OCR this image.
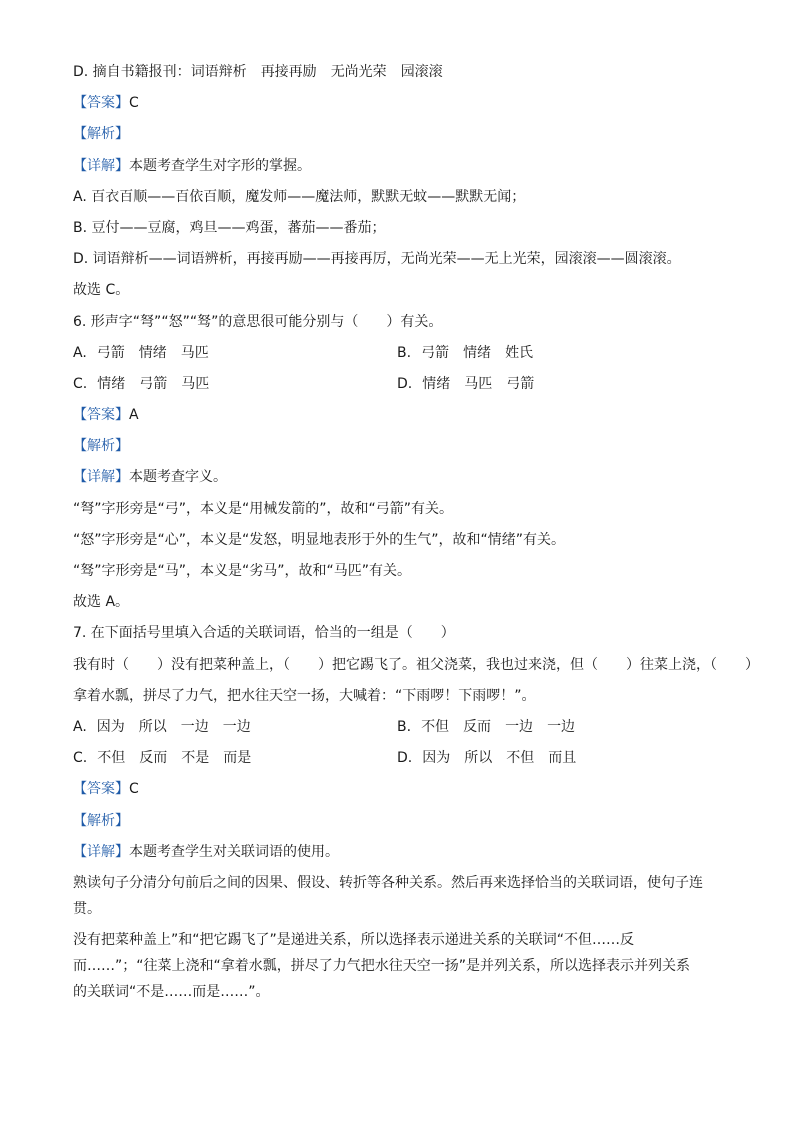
D. 摘自书籍报刊：词语辩析 再接再励 无尚光荣 园滚滚
【答案】C
【解析】
【详解】本题考查学生对字形的掌握。
A. 百衣百顺——百依百顺，魔发师——魔法师，默默无蚊——默默无闻；
B. 豆付——豆腐，鸡旦——鸡蛋，蕃茄——番茄；
D. 词语辩析——词语辨析，再接再励——再接再厉，无尚光荣——无上光荣，园滚滚——圆滚滚。
故选 C。
6. 形声字“弩”“怒”“驽”的意思很可能分别与（　　）有关。
A. 弓箭 情绪 马匹	B. 弓箭 情绪 姓氏
C. 情绪 弓箭 马匹	D. 情绪 马匹 弓箭
【答案】A
【解析】
【详解】本题考查字义。
“弩”字形旁是“弓”，本义是“用械发箭的”，故和“弓箭”有关。
“怒”字形旁是“心”，本义是“发怒，明显地表形于外的生气”，故和“情绪”有关。
“驽”字形旁是“马”，本义是“劣马”，故和“马匹”有关。
故选 A。
7. 在下面括号里填入合适的关联词语，恰当的一组是（　　）
我有时（　　）没有把菜种盖上，（　　）把它踢飞了。祖父浇菜，我也过来浇，但（　　）往菜上浇，（　　）
拿着水瓢，拼尽了力气，把水往天空一扬，大喊着：“下雨啰！下雨啰！”。
A. 因为 所以 一边 一边	B. 不但 反而 一边 一边
C. 不但 反而 不是 而是	D. 因为 所以 不但 而且
【答案】C
【解析】
【详解】本题考查学生对关联词语的使用。
熟读句子分清分句前后之间的因果、假设、转折等各种关系。然后再来选择恰当的关联词语，使句子连
贯。
没有把菜种盖上”和“把它踢飞了”是递进关系，所以选择表示递进关系的关联词“不但……反
而……”；“往菜上浇和“拿着水瓢，拼尽了力气把水往天空一扬”是并列关系，所以选择表示并列关系
的关联词“不是……而是……”。
